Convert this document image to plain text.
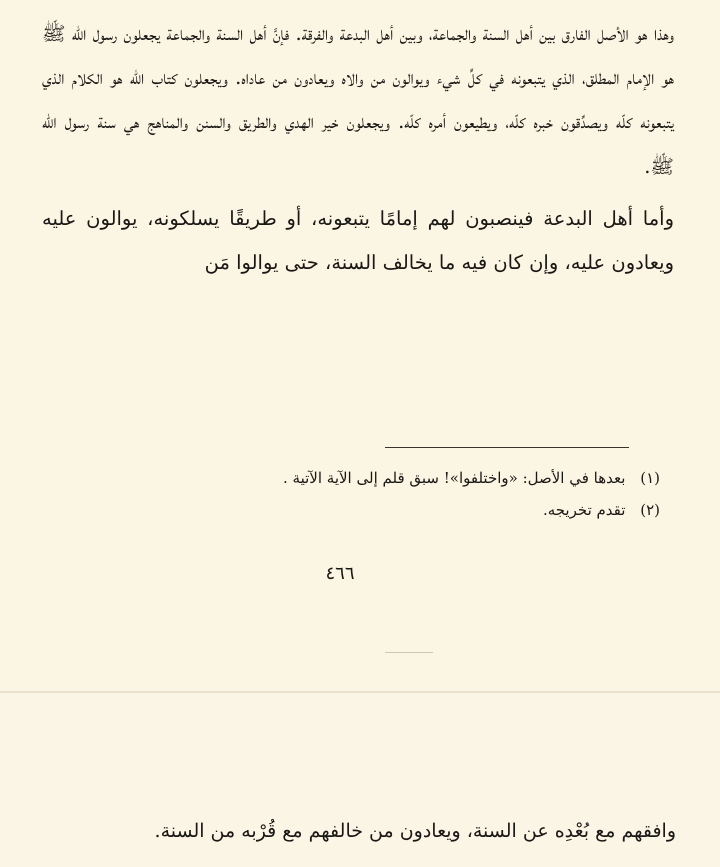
وهذا هو الأصل الفارق بين أهل السنة والجماعة، وبين أهل البدعة والفرقة. فإنَّ أهل السنة والجماعة يجعلون رسول الله ﷺ هو الإمام المطلق، الذي يتبعونه في كلِّ شيء ويوالون من والاه ويعادون من عاداه. ويجعلون كتاب الله هو الكلام الذي يتبعونه كلّه ويصدِّقون خبره كلّه، ويطيعون أمره كلّه. ويجعلون خير الهدي والطريق والسنن والمناهج هي سنة رسول الله ﷺ.

وأما أهل البدعة فينصبون لهم إمامًا يتبعونه، أو طريقًا يسلكونه، يوالون عليه ويعادون عليه، وإن كان فيه ما يخالف السنة، حتى يوالوا مَن

(١) بعدها في الأصل: «واختلفوا»! سبق قلم إلى الآية الآتية .

(٢) تقدم تخريجه.

٤٦٦
وافقهم مع بُعْدِه عن السنة، ويعادون من خالفهم مع قُرْبه من السنة.
